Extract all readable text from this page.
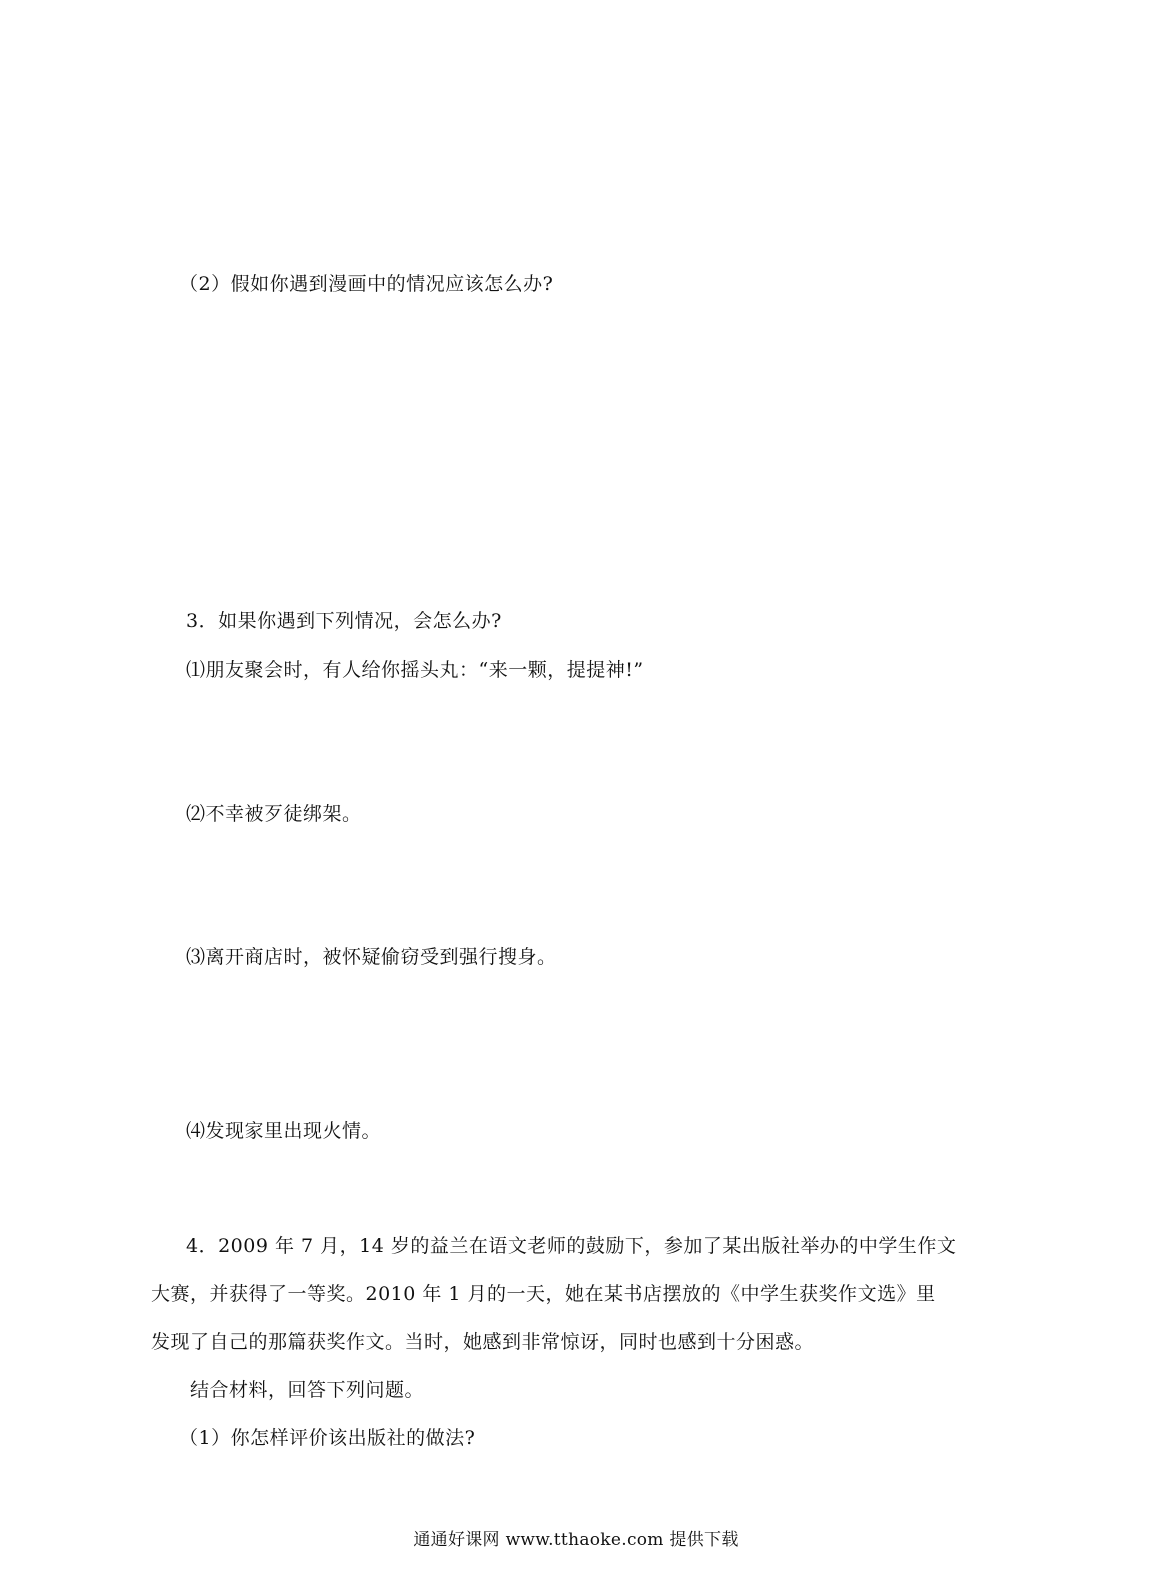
（2）假如你遇到漫画中的情况应该怎么办?
3．如果你遇到下列情况，会怎么办?
⑴朋友聚会时，有人给你摇头丸：“来一颗，提提神!”
⑵不幸被歹徒绑架。
⑶离开商店时，被怀疑偷窃受到强行搜身。
⑷发现家里出现火情。
4．2009 年 7 月，14 岁的益兰在语文老师的鼓励下，参加了某出版社举办的中学生作文
大赛，并获得了一等奖。2010 年 1 月的一天，她在某书店摆放的《中学生获奖作文选》里
发现了自己的那篇获奖作文。当时，她感到非常惊讶，同时也感到十分困惑。
结合材料，回答下列问题。
（1）你怎样评价该出版社的做法?
通通好课网 www.tthaoke.com 提供下载
